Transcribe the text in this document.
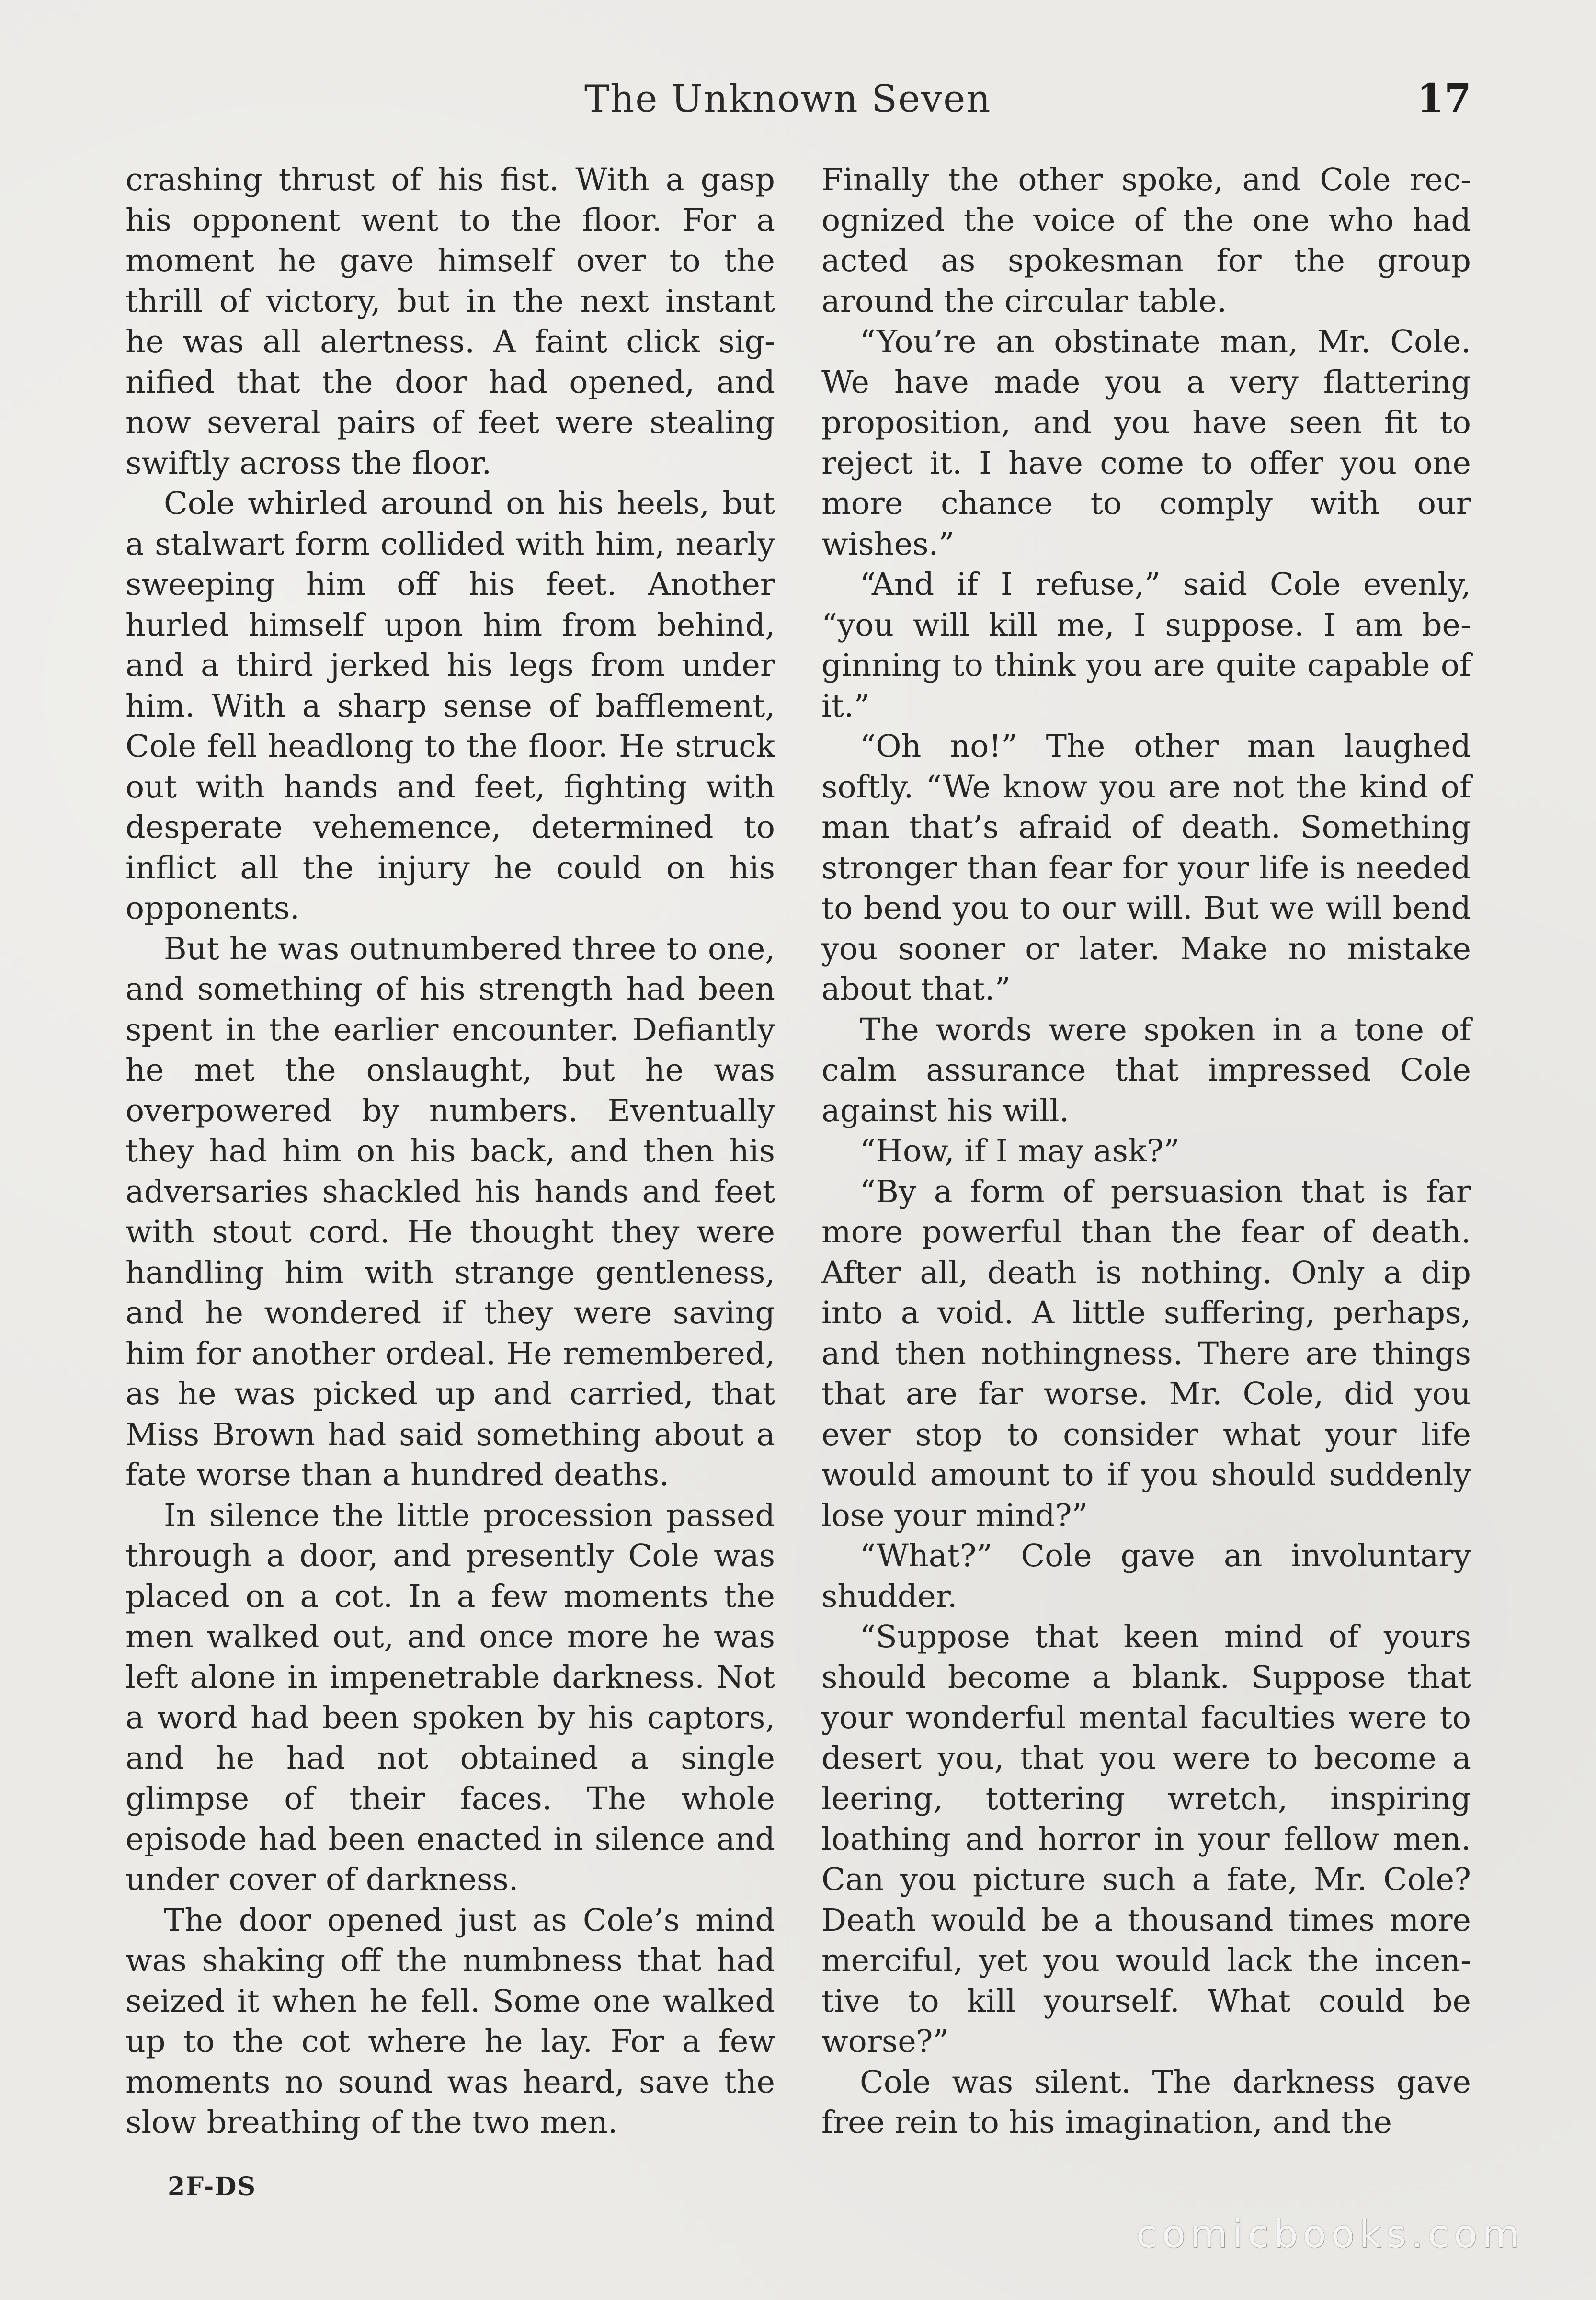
The Unknown Seven	17

crashing thrust of his fist. With a gasp his opponent went to the floor. For a moment he gave himself over to the thrill of victory, but in the next instant he was all alertness. A faint click signified that the door had opened, and now several pairs of feet were stealing swiftly across the floor.

Cole whirled around on his heels, but a stalwart form collided with him, nearly sweeping him off his feet. Another hurled himself upon him from behind, and a third jerked his legs from under him. With a sharp sense of bafflement, Cole fell headlong to the floor. He struck out with hands and feet, fighting with desperate vehemence, determined to inflict all the injury he could on his opponents.

But he was outnumbered three to one, and something of his strength had been spent in the earlier encounter. Defiantly he met the onslaught, but he was overpowered by numbers. Eventually they had him on his back, and then his adversaries shackled his hands and feet with stout cord. He thought they were handling him with strange gentleness, and he wondered if they were saving him for another ordeal. He remembered, as he was picked up and carried, that Miss Brown had said something about a fate worse than a hundred deaths.

In silence the little procession passed through a door, and presently Cole was placed on a cot. In a few moments the men walked out, and once more he was left alone in impenetrable darkness. Not a word had been spoken by his captors, and he had not obtained a single glimpse of their faces. The whole episode had been enacted in silence and under cover of darkness.

The door opened just as Cole’s mind was shaking off the numbness that had seized it when he fell. Some one walked up to the cot where he lay. For a few moments no sound was heard, save the slow breathing of the two men.

Finally the other spoke, and Cole recognized the voice of the one who had acted as spokesman for the group around the circular table.

“You’re an obstinate man, Mr. Cole. We have made you a very flattering proposition, and you have seen fit to reject it. I have come to offer you one more chance to comply with our wishes.”

“And if I refuse,” said Cole evenly, “you will kill me, I suppose. I am beginning to think you are quite capable of it.”

“Oh no!” The other man laughed softly. “We know you are not the kind of man that’s afraid of death. Something stronger than fear for your life is needed to bend you to our will. But we will bend you sooner or later. Make no mistake about that.”

The words were spoken in a tone of calm assurance that impressed Cole against his will.

“How, if I may ask?”

“By a form of persuasion that is far more powerful than the fear of death. After all, death is nothing. Only a dip into a void. A little suffering, perhaps, and then nothingness. There are things that are far worse. Mr. Cole, did you ever stop to consider what your life would amount to if you should suddenly lose your mind?”

“What?” Cole gave an involuntary shudder.

“Suppose that keen mind of yours should become a blank. Suppose that your wonderful mental faculties were to desert you, that you were to become a leering, tottering wretch, inspiring loathing and horror in your fellow men. Can you picture such a fate, Mr. Cole? Death would be a thousand times more merciful, yet you would lack the incentive to kill yourself. What could be worse?”

Cole was silent. The darkness gave free rein to his imagination, and the

2F-DS
comicbooks.com
